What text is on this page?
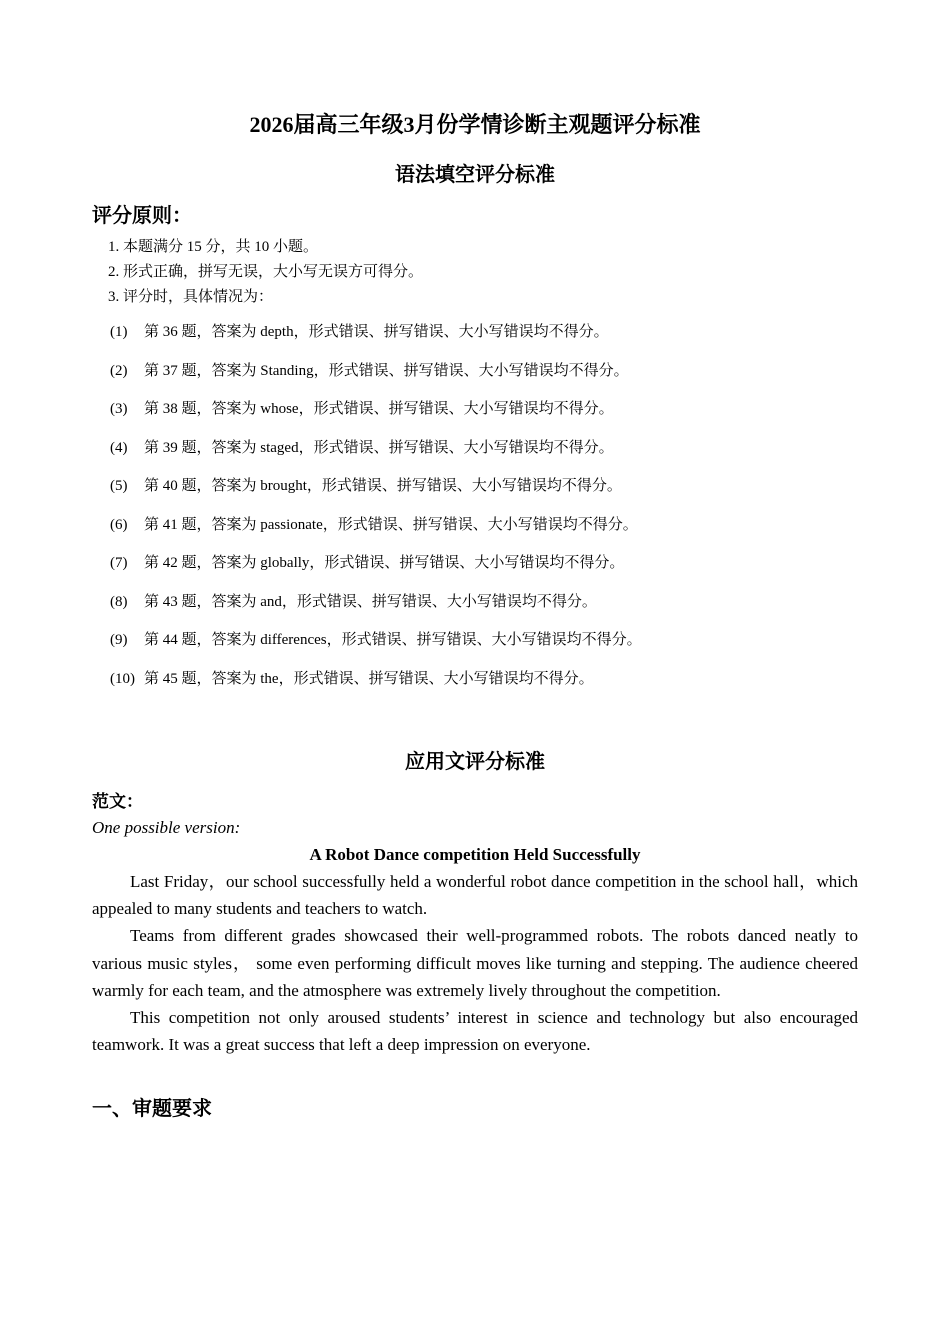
2026届高三年级3月份学情诊断主观题评分标准
语法填空评分标准
评分原则：
1. 本题满分 15 分，共 10 小题。
2. 形式正确，拼写无误，大小写无误方可得分。
3. 评分时，具体情况为：
(1)	第 36 题，答案为 depth，形式错误、拼写错误、大小写错误均不得分。
(2)	第 37 题，答案为 Standing，形式错误、拼写错误、大小写错误均不得分。
(3)	第 38 题，答案为 whose，形式错误、拼写错误、大小写错误均不得分。
(4)	第 39 题，答案为 staged，形式错误、拼写错误、大小写错误均不得分。
(5)	第 40 题，答案为 brought，形式错误、拼写错误、大小写错误均不得分。
(6)	第 41 题，答案为 passionate，形式错误、拼写错误、大小写错误均不得分。
(7)	第 42 题，答案为 globally，形式错误、拼写错误、大小写错误均不得分。
(8)	第 43 题，答案为 and，形式错误、拼写错误、大小写错误均不得分。
(9)	第 44 题，答案为 differences，形式错误、拼写错误、大小写错误均不得分。
(10) 第 45 题，答案为 the，形式错误、拼写错误、大小写错误均不得分。
应用文评分标准
范文：
One possible version:
A Robot Dance competition Held Successfully

Last Friday，our school successfully held a wonderful robot dance competition in the school hall，which appealed to many students and teachers to watch.

Teams from different grades showcased their well-programmed robots. The robots danced neatly to various music styles， some even performing difficult moves like turning and stepping. The audience cheered warmly for each team, and the atmosphere was extremely lively throughout the competition.

This competition not only aroused students’ interest in science and technology but also encouraged teamwork. It was a great success that left a deep impression on everyone.

一、审题要求
